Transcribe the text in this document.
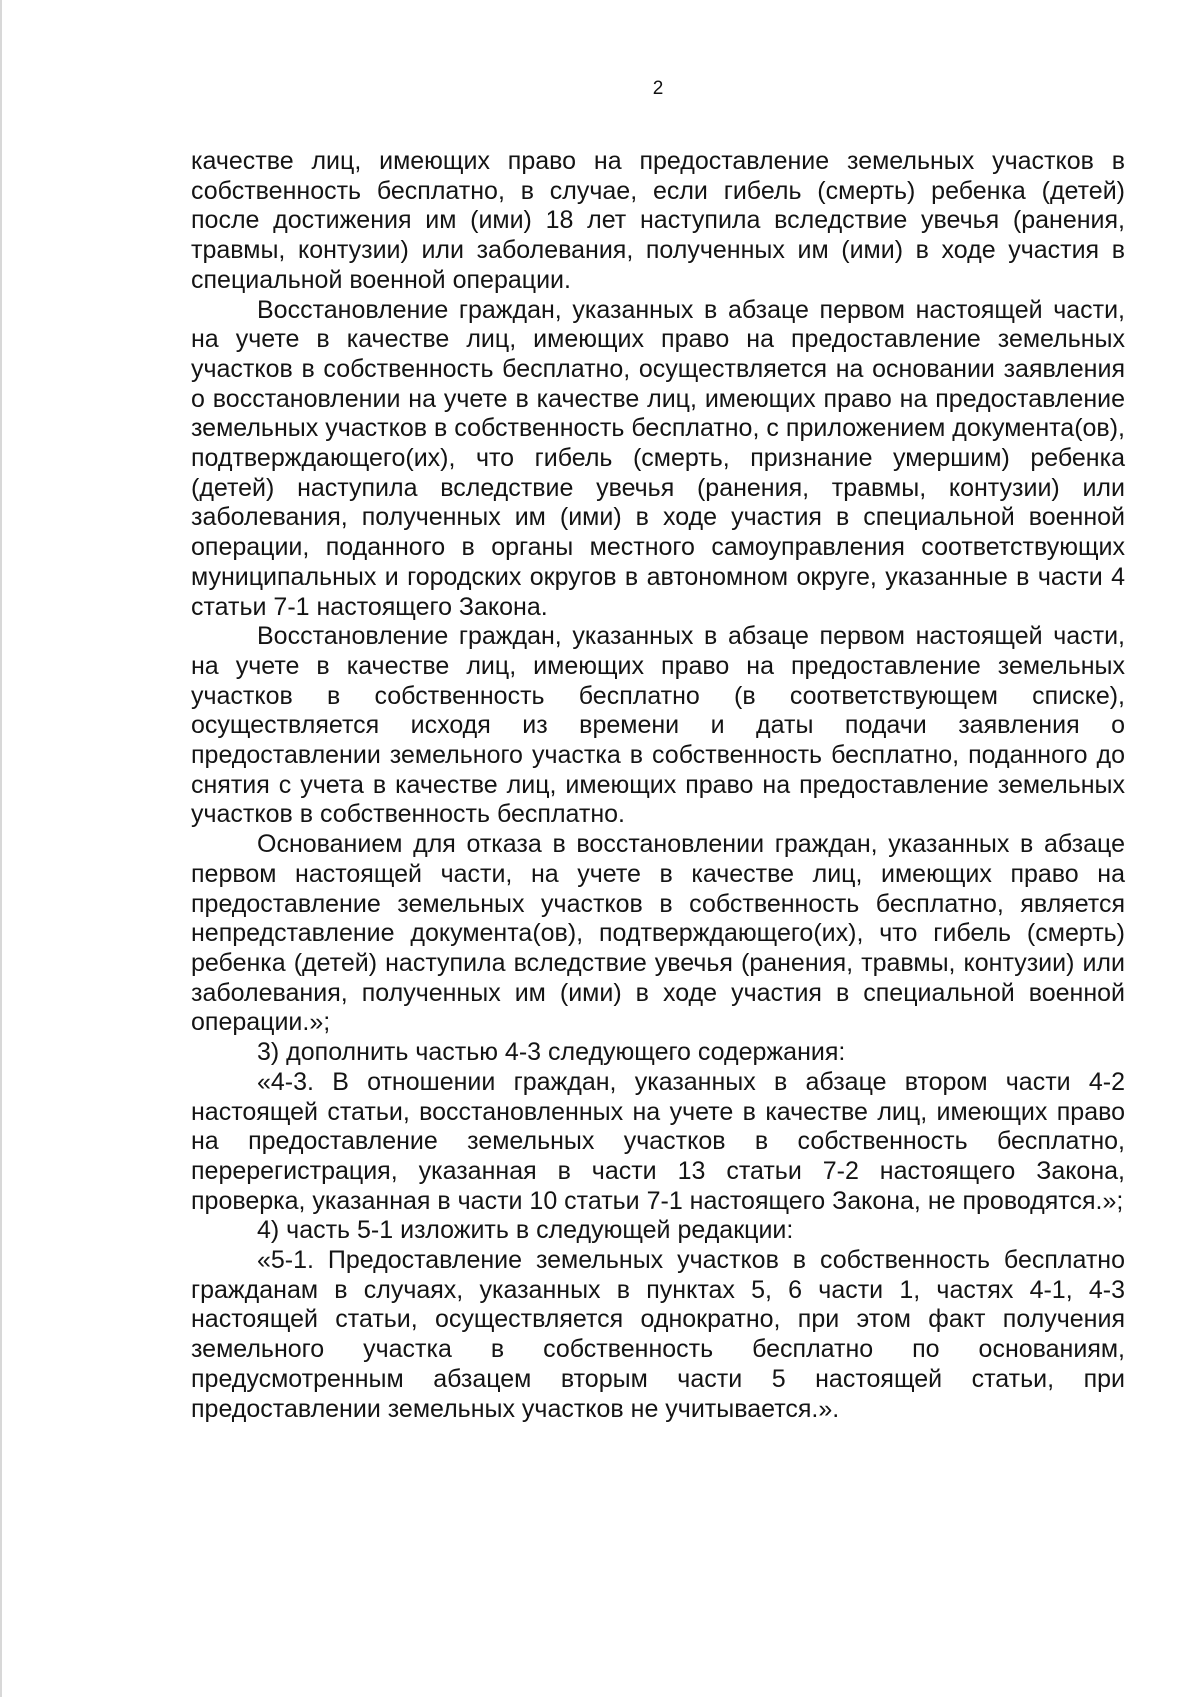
2

качестве лиц, имеющих право на предоставление земельных участков в собственность бесплатно, в случае, если гибель (смерть) ребенка (детей) после достижения им (ими) 18 лет наступила вследствие увечья (ранения, травмы, контузии) или заболевания, полученных им (ими) в ходе участия в специальной военной операции.

Восстановление граждан, указанных в абзаце первом настоящей части, на учете в качестве лиц, имеющих право на предоставление земельных участков в собственность бесплатно, осуществляется на основании заявления о восстановлении на учете в качестве лиц, имеющих право на предоставление земельных участков в собственность бесплатно, с приложением документа(ов), подтверждающего(их), что гибель (смерть, признание умершим) ребенка (детей) наступила вследствие увечья (ранения, травмы, контузии) или заболевания, полученных им (ими) в ходе участия в специальной военной операции, поданного в органы местного самоуправления соответствующих муниципальных и городских округов в автономном округе, указанные в части 4 статьи 7-1 настоящего Закона.

Восстановление граждан, указанных в абзаце первом настоящей части, на учете в качестве лиц, имеющих право на предоставление земельных участков в собственность бесплатно (в соответствующем списке), осуществляется исходя из времени и даты подачи заявления о предоставлении земельного участка в собственность бесплатно, поданного до снятия с учета в качестве лиц, имеющих право на предоставление земельных участков в собственность бесплатно.

Основанием для отказа в восстановлении граждан, указанных в абзаце первом настоящей части, на учете в качестве лиц, имеющих право на предоставление земельных участков в собственность бесплатно, является непредставление документа(ов), подтверждающего(их), что гибель (смерть) ребенка (детей) наступила вследствие увечья (ранения, травмы, контузии) или заболевания, полученных им (ими) в ходе участия в специальной военной операции.»;

3) дополнить частью 4-3 следующего содержания:

«4-3. В отношении граждан, указанных в абзаце втором части 4-2 настоящей статьи, восстановленных на учете в качестве лиц, имеющих право на предоставление земельных участков в собственность бесплатно, перерегистрация, указанная в части 13 статьи 7-2 настоящего Закона, проверка, указанная в части 10 статьи 7-1 настоящего Закона, не проводятся.»;

4) часть 5-1 изложить в следующей редакции:

«5-1. Предоставление земельных участков в собственность бесплатно гражданам в случаях, указанных в пунктах 5, 6 части 1, частях 4-1, 4-3 настоящей статьи, осуществляется однократно, при этом факт получения земельного участка в собственность бесплатно по основаниям, предусмотренным абзацем вторым части 5 настоящей статьи, при предоставлении земельных участков не учитывается.».
